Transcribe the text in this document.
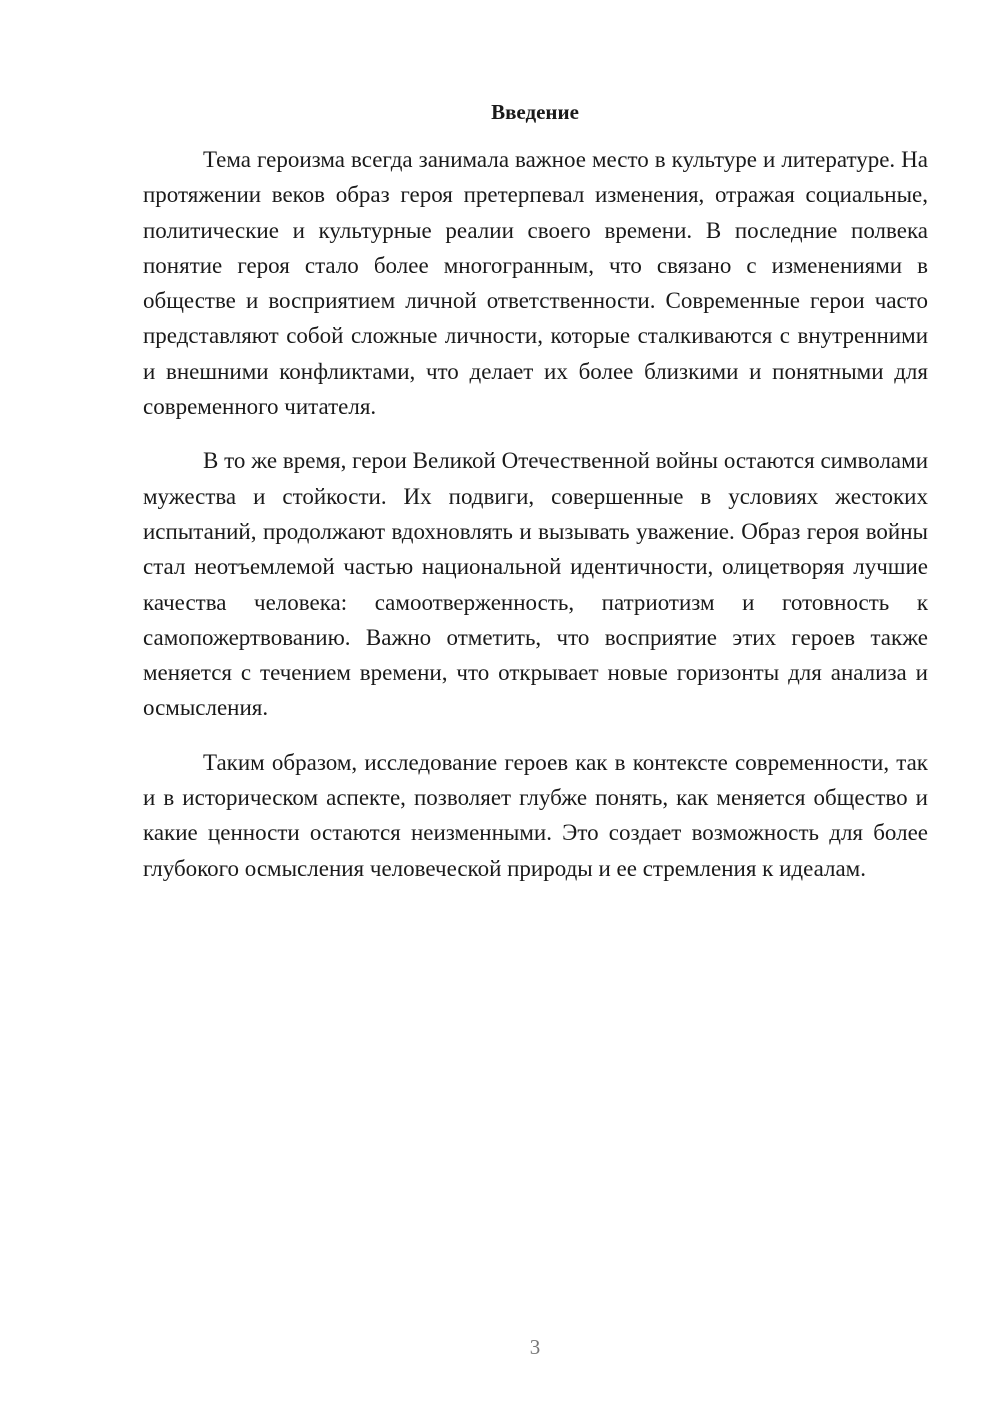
Введение

Тема героизма всегда занимала важное место в культуре и литературе. На протяжении веков образ героя претерпевал изменения, отражая социальные, политические и культурные реалии своего времени. В последние полвека понятие героя стало более многогранным, что связано с изменениями в обществе и восприятием личной ответственности. Современные герои часто представляют собой сложные личности, которые сталкиваются с внутренними и внешними конфликтами, что делает их более близкими и понятными для современного читателя.

В то же время, герои Великой Отечественной войны остаются символами мужества и стойкости. Их подвиги, совершенные в условиях жестоких испытаний, продолжают вдохновлять и вызывать уважение. Образ героя войны стал неотъемлемой частью национальной идентичности, олицетворяя лучшие качества человека: самоотверженность, патриотизм и готовность к самопожертвованию. Важно отметить, что восприятие этих героев также меняется с течением времени, что открывает новые горизонты для анализа и осмысления.

Таким образом, исследование героев как в контексте современности, так и в историческом аспекте, позволяет глубже понять, как меняется общество и какие ценности остаются неизменными. Это создает возможность для более глубокого осмысления человеческой природы и ее стремления к идеалам.

3
